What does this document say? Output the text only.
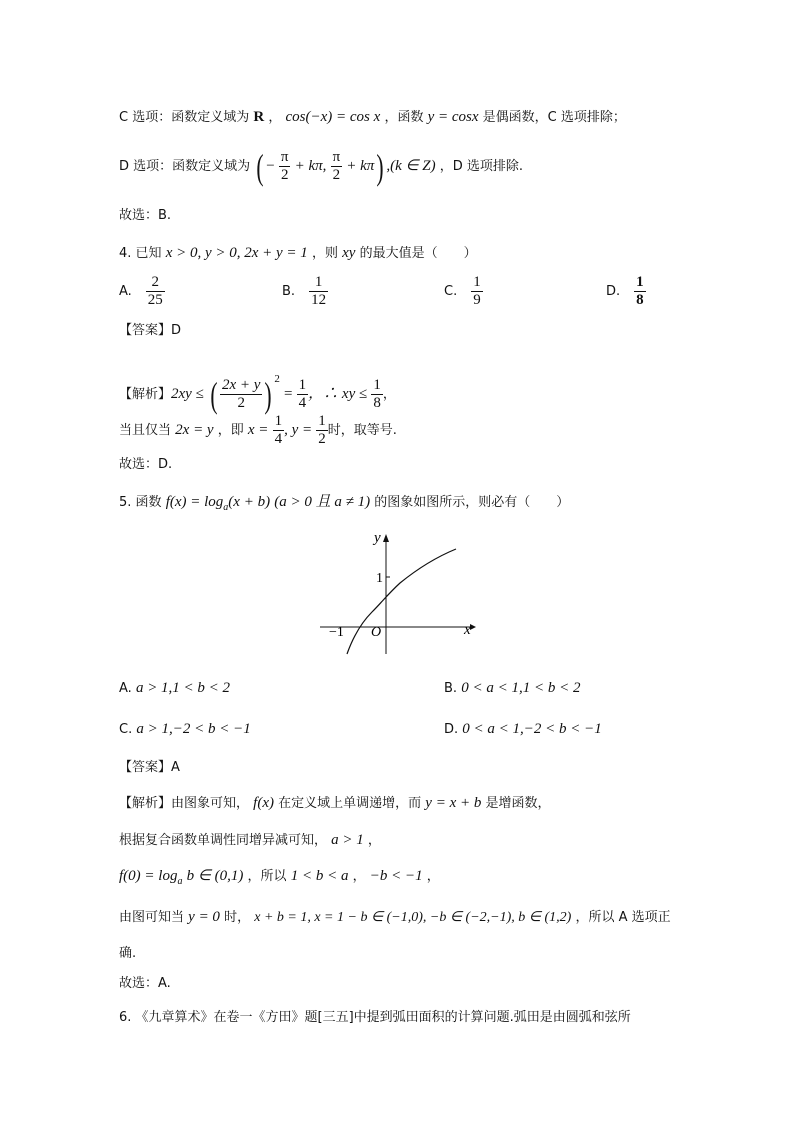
C 选项：函数定义域为 R ， cos(−x) = cos x ，函数 y = cosx 是偶函数，C 选项排除；
D 选项：函数定义域为 ( − $\frac{\pi}{2} + k\pi$, $\frac{\pi}{2} + k\pi$) ,(k ∈ Z) ，D 选项排除.
故选：B.
4. 已知 x > 0, y > 0, 2x + y = 1 ，则 xy 的最大值是（　　）
A. $\frac{2}{25}$	B. $\frac{1}{12}$	C. $\frac{1}{9}$	D. $\frac{1}{8}$
【答案】D
【解析】2xy ≤ ( $\frac{2x + y}{2}$ ) $^2 = \frac{1}{4}$ ，∴ xy ≤ $\frac{1}{8}$ ，
当且仅当 2x = y ，即 $x = \frac{1}{4}$ , $y = \frac{1}{2}$ 时，取等号.
故选：D.
5. 函数 $f(x) = \log_a(x + b) (a > 0$ 且 a ≠ 1) 的图象如图所示，则必有（　　）
y
x
1
−1 O
A. a > 1,1 < b < 2	B. 0 < a < 1,1 < b < 2
C. a > 1,−2 < b < −1	D. 0 < a < 1,−2 < b < −1
【答案】A
【解析】由图象可知， f(x) 在定义域上单调递增，而 y = x + b 是增函数，
根据复合函数单调性同增异减可知， a > 1 ，
$f(0) = \log_a b$ ∈ (0,1) ，所以 1 < b < a ， −b < −1 ，
由图可知当 y = 0 时， x + b = 1, x = 1 − b ∈ (−1,0), −b ∈ (−2,−1), b ∈ (1,2) ，所以 A 选项正
确.
故选：A.
6. 《九章算术》在卷一《方田》题[三五]中提到弧田面积的计算问题.弧田是由圆弧和弦所
